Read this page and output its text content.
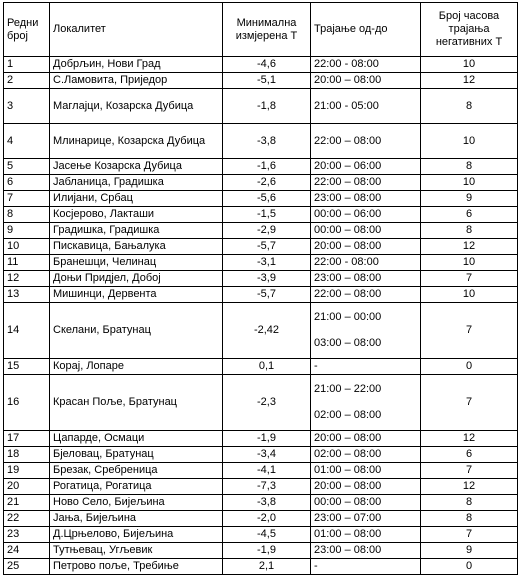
Редни број	Локалитет	Минимална измјерена Т	Трајање од-до	Број часова трајања негативних Т
1	Добрљин, Нови Град	-4,6	22:00 - 08:00	10
2	С.Ламовита, Приједор	-5,1	20:00 – 08:00	12
3	Маглајци, Козарска Дубица	-1,8	21:00 - 05:00	8
4	Млинарице, Козарска Дубица	-3,8	22:00 – 08:00	10
5	Јасење Козарска Дубица	-1,6	20:00 – 06:00	8
6	Јабланица, Градишка	-2,6	22:00 – 08:00	10
7	Илијани, Србац	-5,6	23:00 – 08:00	9
8	Косјерово, Лакташи	-1,5	00:00 – 06:00	6
9	Градишка, Градишка	-2,9	00:00 – 08:00	8
10	Пискавица, Бањалука	-5,7	20:00 – 08:00	12
11	Бранешци, Челинац	-3,1	22:00 - 08:00	10
12	Доњи Придјел, Добој	-3,9	23:00 – 08:00	7
13	Мишинци, Дервента	-5,7	22:00 – 08:00	10
14	Скелани, Братунац	-2,42	21:00 – 00:00
03:00 – 08:00	7
15	Корај, Лопаре	0,1	-	0
16	Красан Поље, Братунац	-2,3	21:00 – 22:00
02:00 – 08:00	7
17	Цапарде, Осмаци	-1,9	20:00 – 08:00	12
18	Бјеловац, Братунац	-3,4	02:00 – 08:00	6
19	Брезак, Сребреница	-4,1	01:00 – 08:00	7
20	Рогатица, Рогатица	-7,3	20:00 – 08:00	12
21	Ново Село, Бијељина	-3,8	00:00 – 08:00	8
22	Јања, Бијељина	-2,0	23:00 – 07:00	8
23	Д.Црњелово, Бијељина	-4,5	01:00 – 08:00	7
24	Тутњевац, Угљевик	-1,9	23:00 – 08:00	9
25	Петрово поље, Требиње	2,1	-	0
